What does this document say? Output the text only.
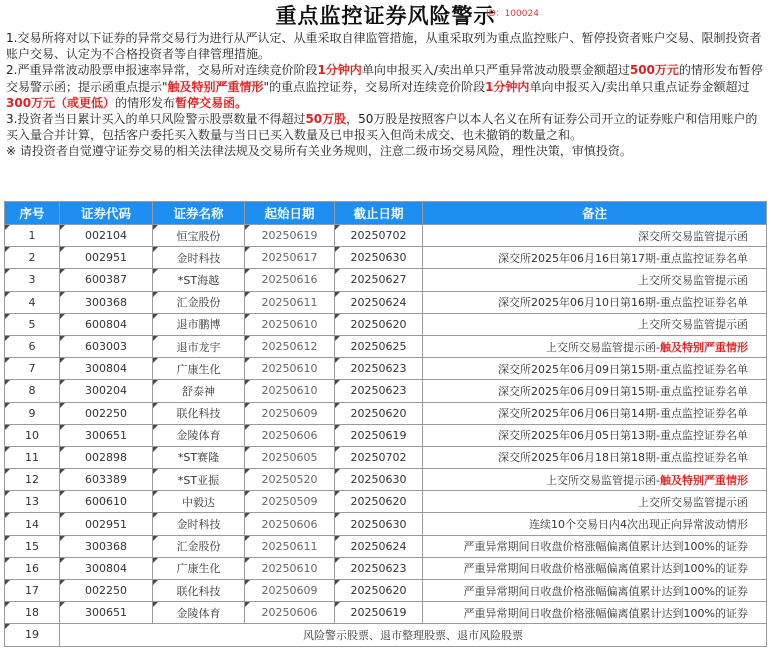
重点监控证券风险警示
ID：100024

1.交易所将对以下证券的异常交易行为进行从严认定、从重采取自律监管措施，从重采取列为重点监控账户、暂停投资者账户交易、限制投资者账户交易、认定为不合格投资者等自律管理措施。

2.严重异常波动股票申报速率异常，交易所对连续竞价阶段1分钟内单向申报买入/卖出单只严重异常波动股票金额超过500万元的情形发布暂停交易警示函；提示函重点提示"触及特别严重情形"的重点监控证券，交易所对连续竞价阶段1分钟内单向申报买入/卖出单只重点证券金额超过300万元（或更低）的情形发布暂停交易函。

3.投资者当日累计买入的单只风险警示股票数量不得超过50万股，50万股是按照客户以本人名义在所有证券公司开立的证券账户和信用账户的买入量合并计算，包括客户委托买入数量与当日已买入数量及已申报买入但尚未成交、也未撤销的数量之和。

※ 请投资者自觉遵守证券交易的相关法律法规及交易所有关业务规则，注意二级市场交易风险，理性决策，审慎投资。
序号	证券代码	证券名称	起始日期	截止日期	备注
1	002104	恒宝股份	20250619	20250702	深交所交易监管提示函
2	002951	金时科技	20250617	20250630	深交所2025年06月16日第17期-重点监控证券名单
3	600387	*ST海越	20250616	20250627	上交所交易监管提示函
4	300368	汇金股份	20250611	20250624	深交所2025年06月10日第16期-重点监控证券名单
5	600804	退市鹏博	20250610	20250620	上交所交易监管提示函
6	603003	退市龙宇	20250612	20250625	上交所交易监管提示函-触及特别严重情形
7	300804	广康生化	20250610	20250623	深交所2025年06月09日第15期-重点监控证券名单
8	300204	舒泰神	20250610	20250623	深交所2025年06月09日第15期-重点监控证券名单
9	002250	联化科技	20250609	20250620	深交所2025年06月06日第14期-重点监控证券名单
10	300651	金陵体育	20250606	20250619	深交所2025年06月05日第13期-重点监控证券名单
11	002898	*ST赛隆	20250605	20250702	深交所2025年06月18日第18期-重点监控证券名单
12	603389	*ST亚振	20250520	20250630	上交所交易监管提示函-触及特别严重情形
13	600610	中毅达	20250509	20250620	上交所交易监管提示函
14	002951	金时科技	20250606	20250630	连续10个交易日内4次出现正向异常波动情形
15	300368	汇金股份	20250611	20250624	严重异常期间日收盘价格涨幅偏离值累计达到100%的证券
16	300804	广康生化	20250610	20250623	严重异常期间日收盘价格涨幅偏离值累计达到100%的证券
17	002250	联化科技	20250609	20250620	严重异常期间日收盘价格涨幅偏离值累计达到100%的证券
18	300651	金陵体育	20250606	20250619	严重异常期间日收盘价格涨幅偏离值累计达到100%的证券
19	风险警示股票、退市整理股票、退市风险股票				
